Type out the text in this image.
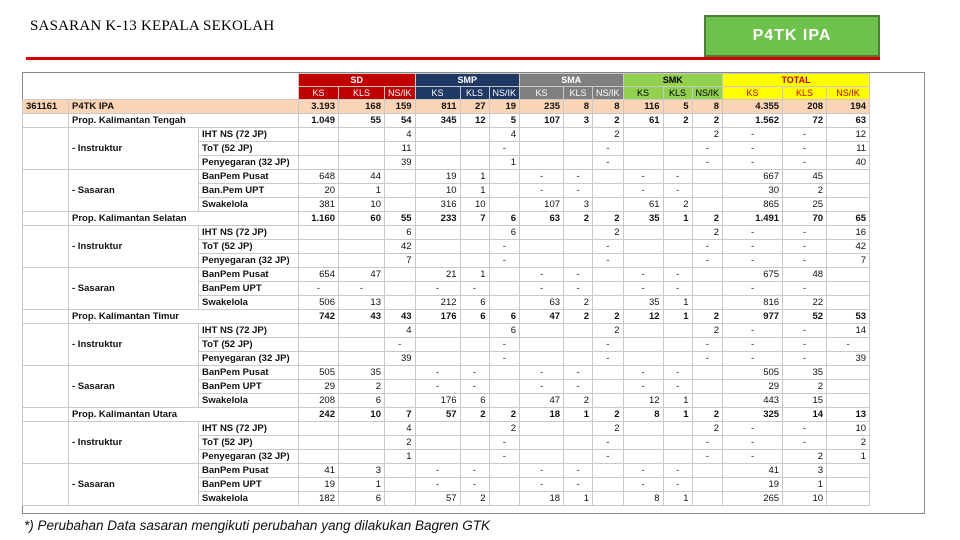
SASARAN K-13 KEPALA SEKOLAH
P4TK IPA
			SD			SMP			SMA			SMK			TOTAL		
			KS	KLS	NS/IK	KS	KLS	NS/IK	KS	KLS	NS/IK	KS	KLS	NS/IK	KS	KLS	NS/IK
361161	P4TK IPA		3.193	168	159	811	27	19	235	8	8	116	5	8	4.355	208	194
	Prop. Kalimantan Tengah		1.049	55	54	345	12	5	107	3	2	61	2	2	1.562	72	63
	- Instruktur	IHT NS (72 JP)			4			4			2			2	-	-	12
		ToT (52 JP)			11			-			-			-	-	-	11
		Penyegaran (32 JP)			39			1			-			-	-	-	40
	- Sasaran	BanPem Pusat	648	44		19	1		-	-		-	-		667	45	
		Ban.Pem UPT	20	1		10	1		-	-		-	-		30	2	
		Swakelola	381	10		316	10		107	3		61	2		865	25	
	Prop. Kalimantan Selatan		1.160	60	55	233	7	6	63	2	2	35	1	2	1.491	70	65
	- Instruktur	IHT NS (72 JP)			6			6			2			2	-	-	16
		ToT (52 JP)			42			-			-			-	-	-	42
		Penyegaran (32 JP)			7			-			-			-	-	-	7
	- Sasaran	BanPem Pusat	654	47		21	1		-	-		-	-		675	48	
		BanPem UPT	-	-		-	-		-	-		-	-		-	-	
		Swakelola	506	13		212	6		63	2		35	1		816	22	
	Prop. Kalimantan Timur		742	43	43	176	6	6	47	2	2	12	1	2	977	52	53
	- Instruktur	IHT NS (72 JP)			4			6			2			2	-	-	14
		ToT (52 JP)			-			-			-			-	-	-	-
		Penyegaran (32 JP)			39			-			-			-	-	-	39
	- Sasaran	BanPem Pusat	505	35		-	-		-	-		-	-		505	35	
		BanPem UPT	29	2		-	-		-	-		-	-		29	2	
		Swakelola	208	6		176	6		47	2		12	1		443	15	
	Prop. Kalimantan Utara		242	10	7	57	2	2	18	1	2	8	1	2	325	14	13
	- Instruktur	IHT NS (72 JP)			4			2			2			2	-	-	10
		ToT (52 JP)			2			-			-			-	-	-	2
		Penyegaran (32 JP)			1			-			-			-	-	2	1
	- Sasaran	BanPem Pusat	41	3		-	-		-	-		-	-		41	3	
		BanPem UPT	19	1		-	-		-	-		-	-		19	1	
		Swakelola	182	6		57	2		18	1		8	1		265	10	
*) Perubahan Data sasaran mengikuti perubahan yang dilakukan Bagren GTK
